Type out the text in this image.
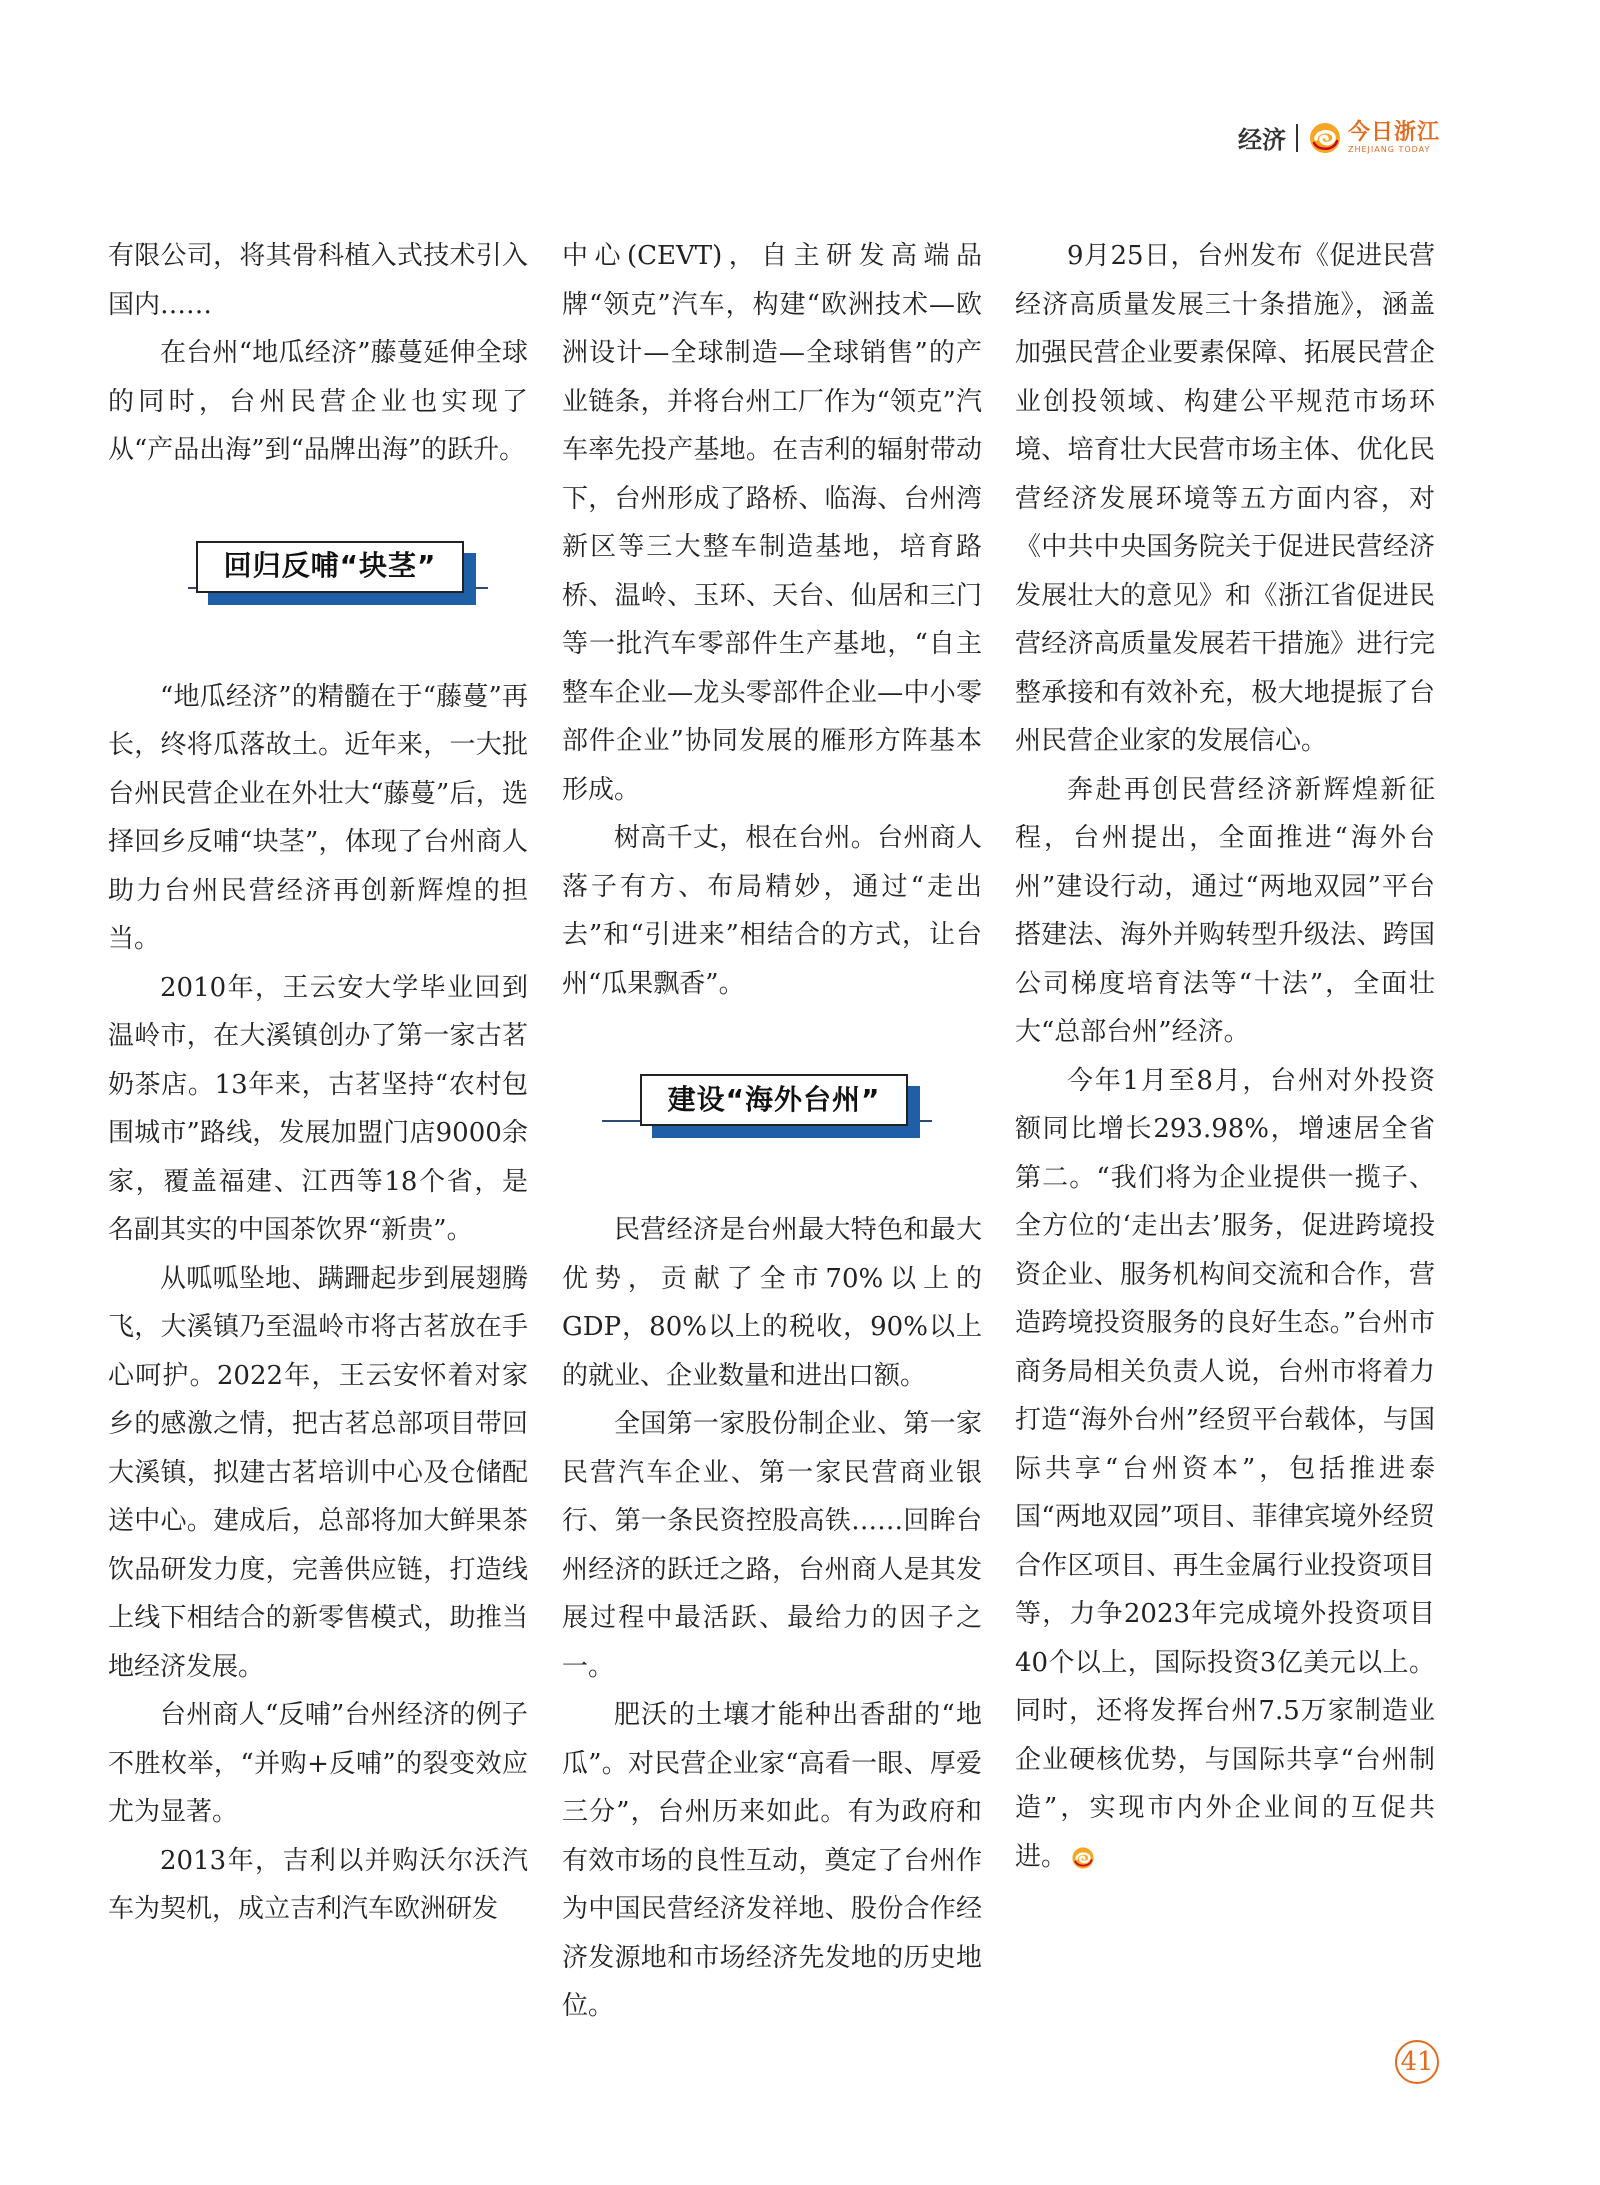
经济	今日浙江
ZHEJIANG TODAY

有限公司，将其骨科植入式技术引入国内……

在台州“地瓜经济”藤蔓延伸全球的同时，台州民营企业也实现了从“产品出海”到“品牌出海”的跃升。

回归反哺“块茎”

“地瓜经济”的精髓在于“藤蔓”再长，终将瓜落故土。近年来，一大批台州民营企业在外壮大“藤蔓”后，选择回乡反哺“块茎”，体现了台州商人助力台州民营经济再创新辉煌的担当。

2010年，王云安大学毕业回到温岭市，在大溪镇创办了第一家古茗奶茶店。13年来，古茗坚持“农村包围城市”路线，发展加盟门店9000余家，覆盖福建、江西等18个省，是名副其实的中国茶饮界“新贵”。

从呱呱坠地、蹒跚起步到展翅腾飞，大溪镇乃至温岭市将古茗放在手心呵护。2022年，王云安怀着对家乡的感激之情，把古茗总部项目带回大溪镇，拟建古茗培训中心及仓储配送中心。建成后，总部将加大鲜果茶饮品研发力度，完善供应链，打造线上线下相结合的新零售模式，助推当地经济发展。

台州商人“反哺”台州经济的例子不胜枚举，“并购+反哺”的裂变效应尤为显著。

2013年，吉利以并购沃尔沃汽车为契机，成立吉利汽车欧洲研发

中心(CEVT)，自主研发高端品牌“领克”汽车，构建“欧洲技术—欧洲设计—全球制造—全球销售”的产业链条，并将台州工厂作为“领克”汽车率先投产基地。在吉利的辐射带动下，台州形成了路桥、临海、台州湾新区等三大整车制造基地，培育路桥、温岭、玉环、天台、仙居和三门等一批汽车零部件生产基地，“自主整车企业—龙头零部件企业—中小零部件企业”协同发展的雁形方阵基本形成。

树高千丈，根在台州。台州商人落子有方、布局精妙，通过“走出去”和“引进来”相结合的方式，让台州“瓜果飘香”。

建设“海外台州”

民营经济是台州最大特色和最大优势，贡献了全市70%以上的GDP，80%以上的税收，90%以上的就业、企业数量和进出口额。

全国第一家股份制企业、第一家民营汽车企业、第一家民营商业银行、第一条民资控股高铁……回眸台州经济的跃迁之路，台州商人是其发展过程中最活跃、最给力的因子之一。

肥沃的土壤才能种出香甜的“地瓜”。对民营企业家“高看一眼、厚爱三分”，台州历来如此。有为政府和有效市场的良性互动，奠定了台州作为中国民营经济发祥地、股份合作经济发源地和市场经济先发地的历史地位。

9月25日，台州发布《促进民营经济高质量发展三十条措施》，涵盖加强民营企业要素保障、拓展民营企业创投领域、构建公平规范市场环境、培育壮大民营市场主体、优化民营经济发展环境等五方面内容，对《中共中央国务院关于促进民营经济发展壮大的意见》和《浙江省促进民营经济高质量发展若干措施》进行完整承接和有效补充，极大地提振了台州民营企业家的发展信心。

奔赴再创民营经济新辉煌新征程，台州提出，全面推进“海外台州”建设行动，通过“两地双园”平台搭建法、海外并购转型升级法、跨国公司梯度培育法等“十法”，全面壮大“总部台州”经济。

今年1月至8月，台州对外投资额同比增长293.98%，增速居全省第二。“我们将为企业提供一揽子、全方位的‘走出去’服务，促进跨境投资企业、服务机构间交流和合作，营造跨境投资服务的良好生态。”台州市商务局相关负责人说，台州市将着力打造“海外台州”经贸平台载体，与国际共享“台州资本”，包括推进泰国“两地双园”项目、菲律宾境外经贸合作区项目、再生金属行业投资项目等，力争2023年完成境外投资项目40个以上，国际投资3亿美元以上。同时，还将发挥台州7.5万家制造业企业硬核优势，与国际共享“台州制造”，实现市内外企业间的互促共进。

41
